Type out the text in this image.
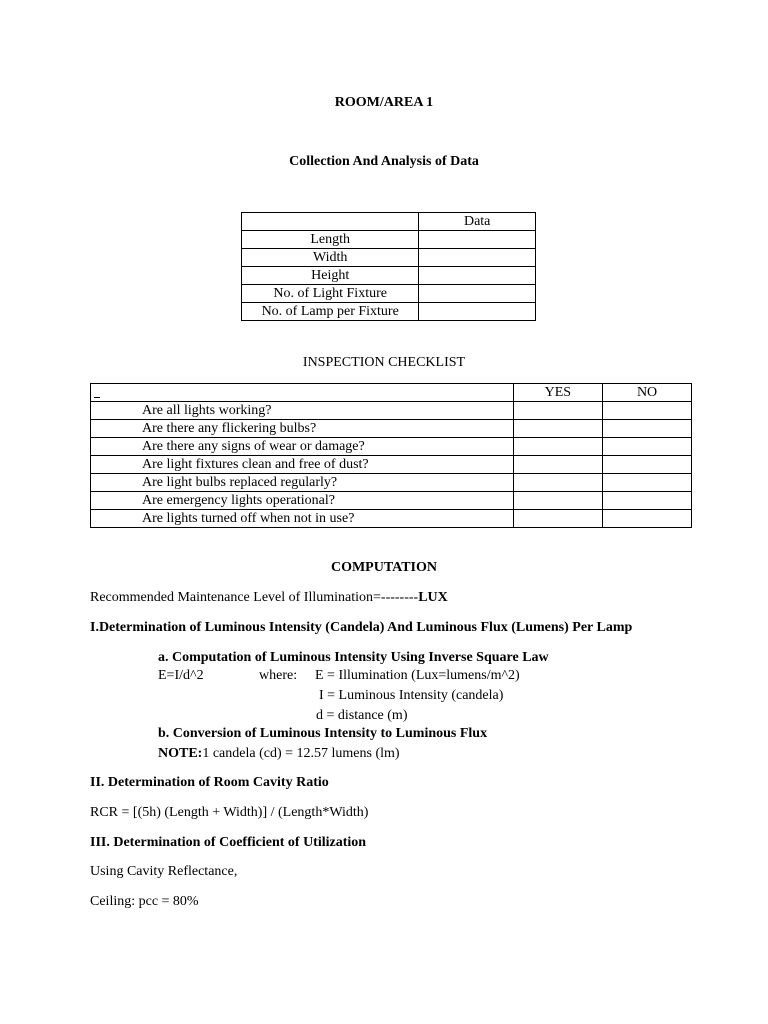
ROOM/AREA 1
Collection And Analysis of Data
	Data
Length	
Width	
Height	
No. of Light Fixture	
No. of Lamp per Fixture	
INSPECTION CHECKLIST
	YES	NO
Are all lights working?		
Are there any flickering bulbs?		
Are there any signs of wear or damage?		
Are light fixtures clean and free of dust?		
Are light bulbs replaced regularly?		
Are emergency lights operational?		
Are lights turned off when not in use?		
COMPUTATION
Recommended Maintenance Level of Illumination=--------LUX
I.Determination of Luminous Intensity (Candela) And Luminous Flux (Lumens) Per Lamp
a. Computation of Luminous Intensity Using Inverse Square Law
E=I/d^2	where: E = Illumination (Lux=lumens/m^2)
I = Luminous Intensity (candela)
d = distance (m)
b. Conversion of Luminous Intensity to Luminous Flux
NOTE:1 candela (cd) = 12.57 lumens (lm)
II. Determination of Room Cavity Ratio
RCR = [(5h) (Length + Width)] / (Length*Width)
III. Determination of Coefficient of Utilization
Using Cavity Reflectance,
Ceiling: pcc = 80%
